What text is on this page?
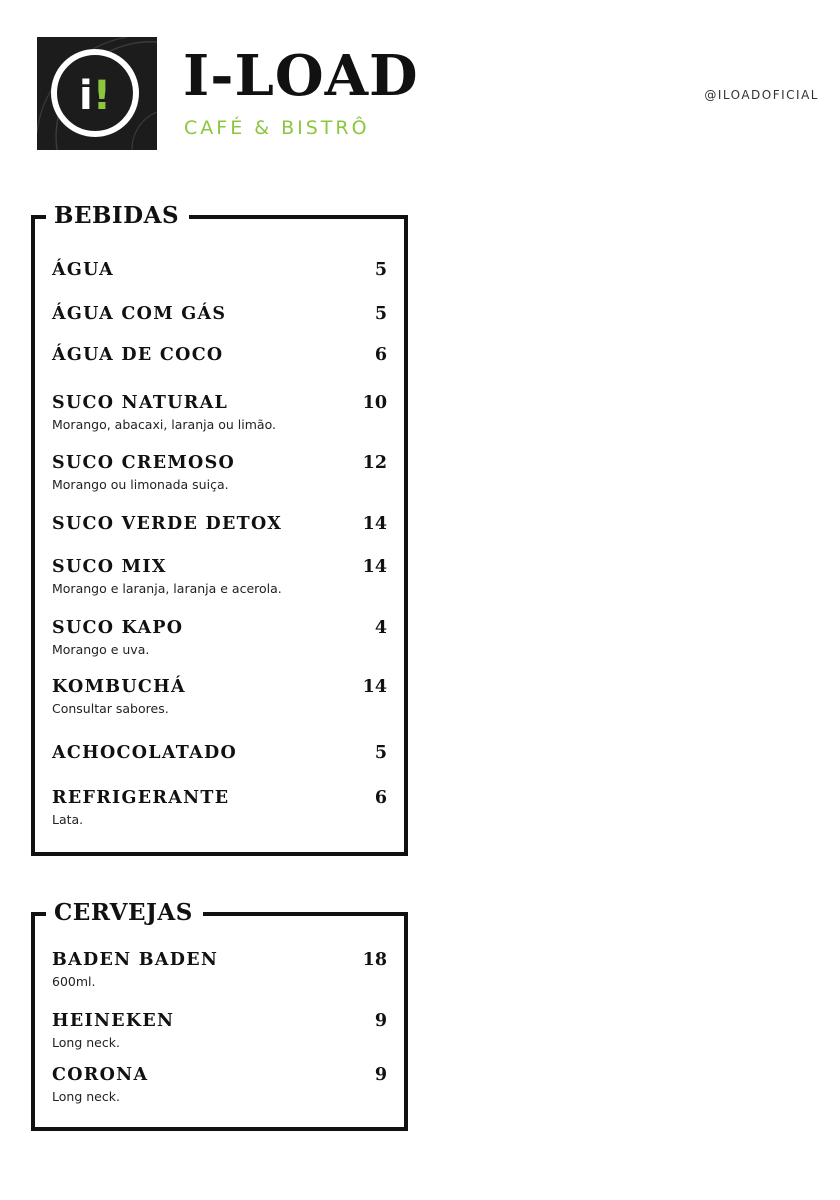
i! I-LOAD
CAFÉ & BISTRÔ
@ILOADOFICIAL
BEBIDAS
ÁGUA	5
ÁGUA COM GÁS	5
ÁGUA DE COCO	6
SUCO NATURAL	10
Morango, abacaxi, laranja ou limão.
SUCO CREMOSO	12
Morango ou limonada suiça.
SUCO VERDE DETOX	14
SUCO MIX	14
Morango e laranja, laranja e acerola.
SUCO KAPO	4
Morango e uva.
KOMBUCHÁ	14
Consultar sabores.
ACHOCOLATADO	5
REFRIGERANTE	6
Lata.
CERVEJAS
BADEN BADEN	18
600ml.
HEINEKEN	9
Long neck.
CORONA	9
Long neck.
